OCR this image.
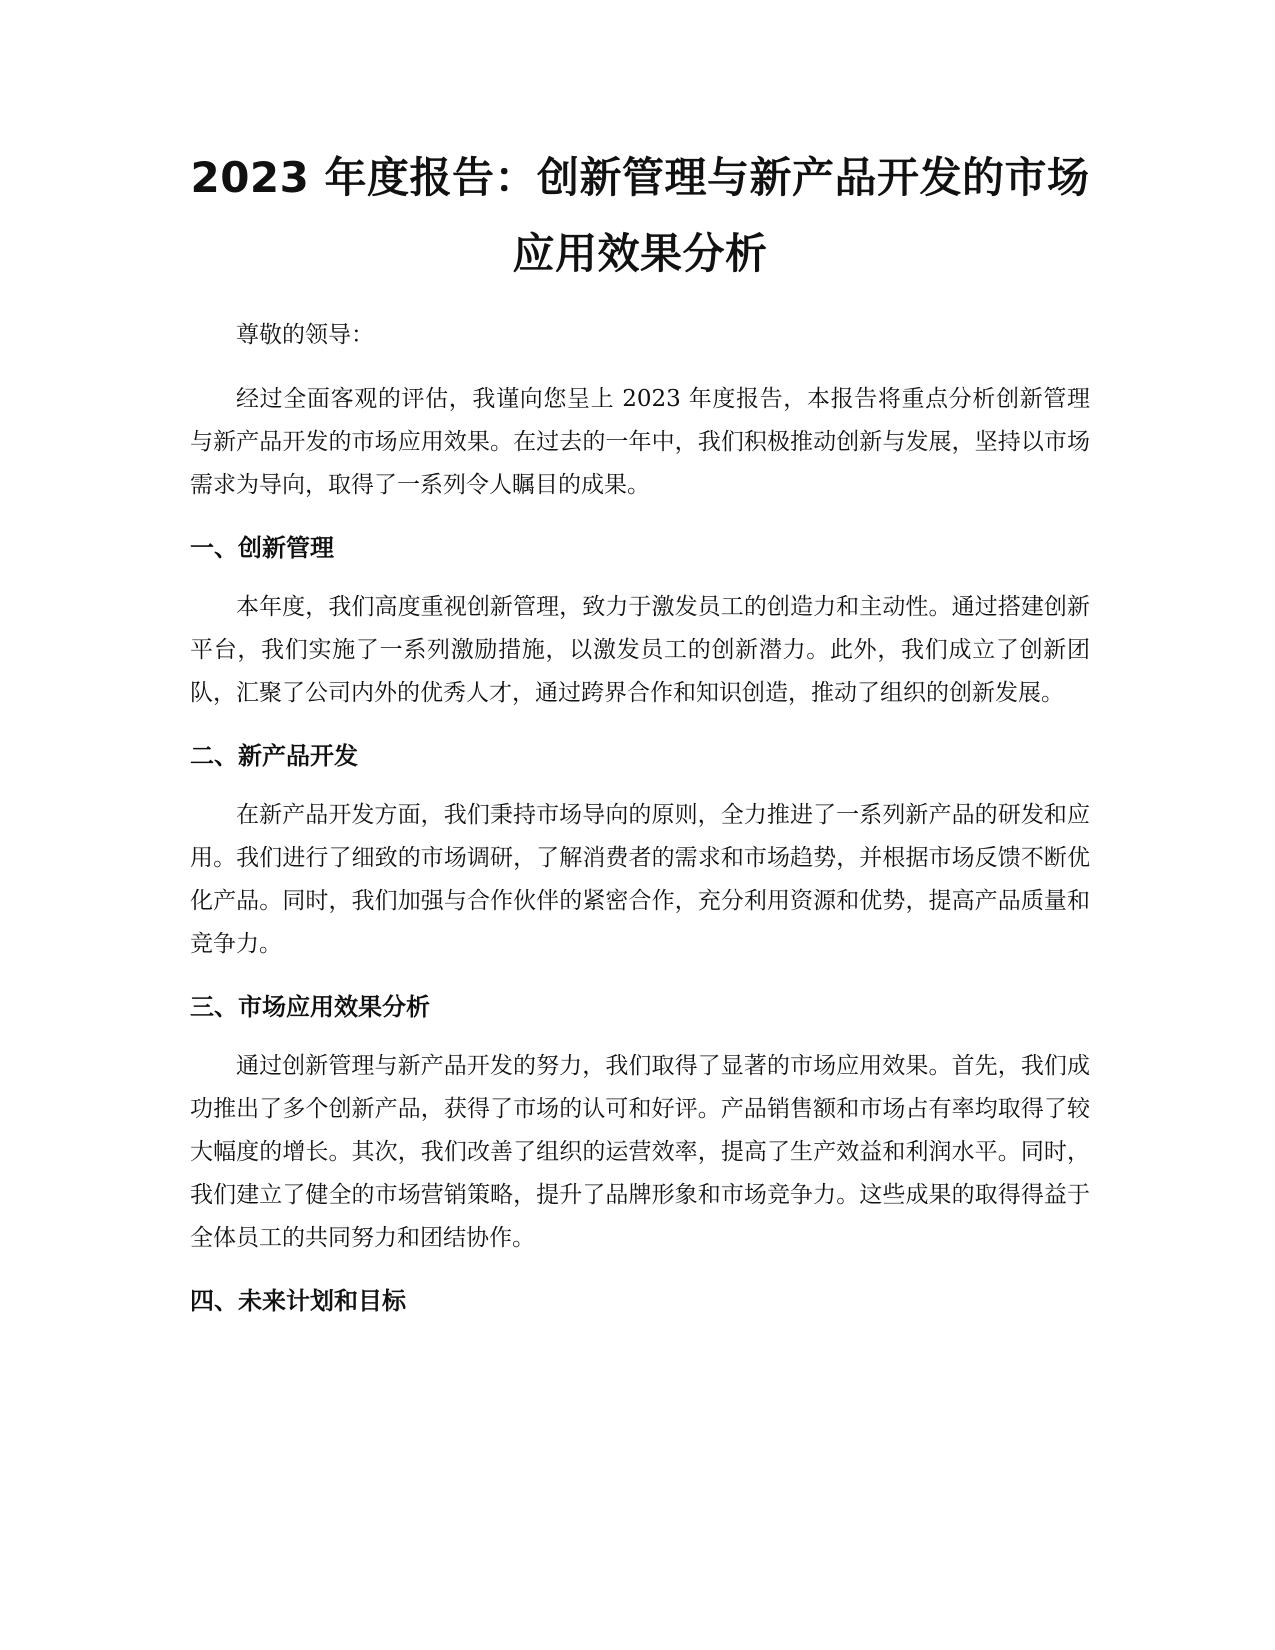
2023 年度报告：创新管理与新产品开发的市场应用效果分析

尊敬的领导：

经过全面客观的评估，我谨向您呈上 2023 年度报告，本报告将重点分析创新管理与新产品开发的市场应用效果。在过去的一年中，我们积极推动创新与发展，坚持以市场需求为导向，取得了一系列令人瞩目的成果。

一、创新管理

本年度，我们高度重视创新管理，致力于激发员工的创造力和主动性。通过搭建创新平台，我们实施了一系列激励措施，以激发员工的创新潜力。此外，我们成立了创新团队，汇聚了公司内外的优秀人才，通过跨界合作和知识创造，推动了组织的创新发展。

二、新产品开发

在新产品开发方面，我们秉持市场导向的原则，全力推进了一系列新产品的研发和应用。我们进行了细致的市场调研，了解消费者的需求和市场趋势，并根据市场反馈不断优化产品。同时，我们加强与合作伙伴的紧密合作，充分利用资源和优势，提高产品质量和竞争力。

三、市场应用效果分析

通过创新管理与新产品开发的努力，我们取得了显著的市场应用效果。首先，我们成功推出了多个创新产品，获得了市场的认可和好评。产品销售额和市场占有率均取得了较大幅度的增长。其次，我们改善了组织的运营效率，提高了生产效益和利润水平。同时，我们建立了健全的市场营销策略，提升了品牌形象和市场竞争力。这些成果的取得得益于全体员工的共同努力和团结协作。

四、未来计划和目标
